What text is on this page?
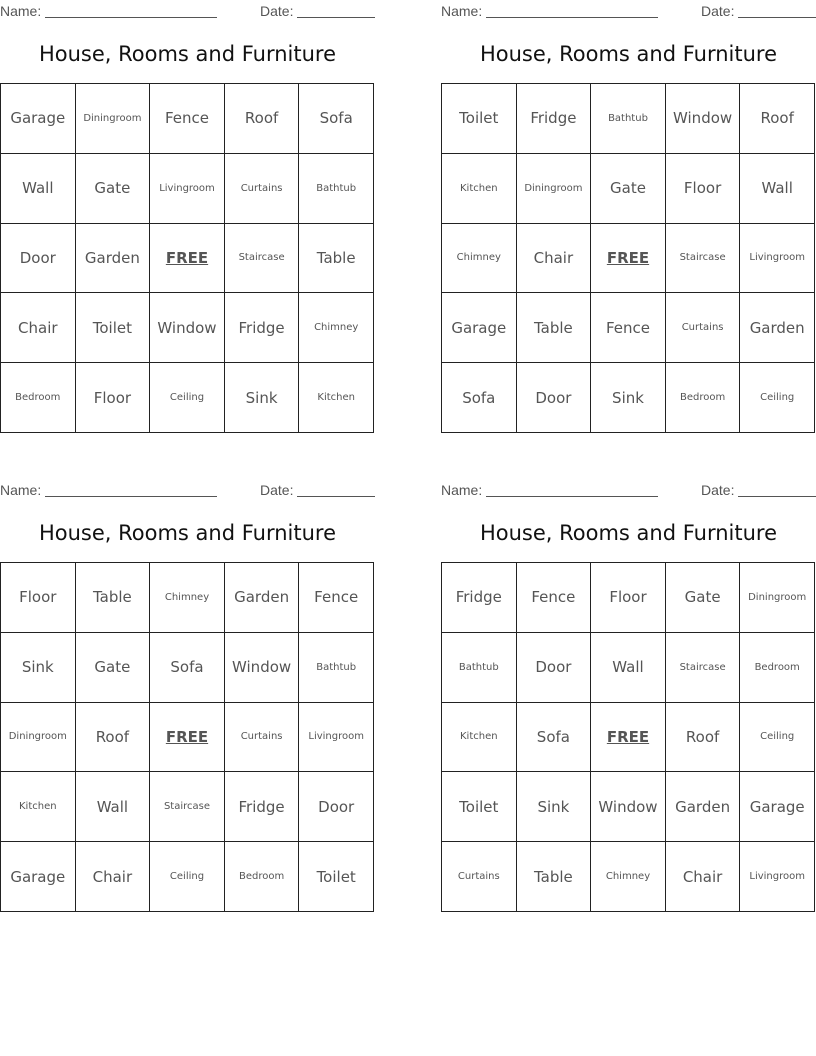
Name:	Date:
House, Rooms and Furniture
Garage	Diningroom	Fence	Roof	Sofa
Wall	Gate	Livingroom	Curtains	Bathtub
Door	Garden	FREE	Staircase	Table
Chair	Toilet	Window	Fridge	Chimney
Bedroom	Floor	Ceiling	Sink	Kitchen
Name:	Date:
House, Rooms and Furniture
Toilet	Fridge	Bathtub	Window	Roof
Kitchen	Diningroom	Gate	Floor	Wall
Chimney	Chair	FREE	Staircase	Livingroom
Garage	Table	Fence	Curtains	Garden
Sofa	Door	Sink	Bedroom	Ceiling
Name:	Date:
House, Rooms and Furniture
Floor	Table	Chimney	Garden	Fence
Sink	Gate	Sofa	Window	Bathtub
Diningroom	Roof	FREE	Curtains	Livingroom
Kitchen	Wall	Staircase	Fridge	Door
Garage	Chair	Ceiling	Bedroom	Toilet
Name:	Date:
House, Rooms and Furniture
Fridge	Fence	Floor	Gate	Diningroom
Bathtub	Door	Wall	Staircase	Bedroom
Kitchen	Sofa	FREE	Roof	Ceiling
Toilet	Sink	Window	Garden	Garage
Curtains	Table	Chimney	Chair	Livingroom
